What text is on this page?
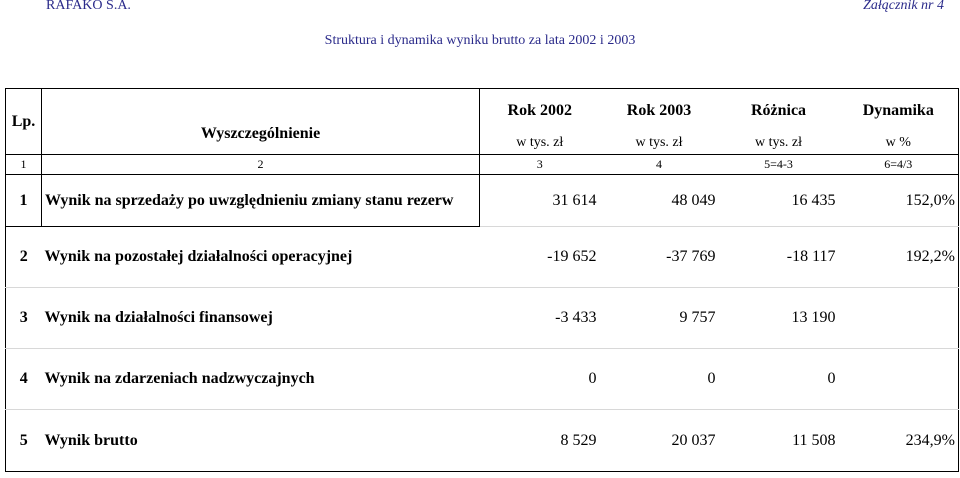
RAFAKO S.A.	Załącznik nr 4
Struktura i dynamika wyniku brutto za lata 2002 i 2003
Lp.	Wyszczególnienie	Rok 2002	Rok 2003	Różnica	Dynamika
		w tys. zł	w tys. zł	w tys. zł	w %
1	2	3	4	5=4-3	6=4/3
1	Wynik na sprzedaży po uwzględnieniu zmiany stanu rezerw	31 614	48 049	16 435	152,0%
2	Wynik na pozostałej działalności operacyjnej	-19 652	-37 769	-18 117	192,2%
3	Wynik na działalności finansowej	-3 433	9 757	13 190	
4	Wynik na zdarzeniach nadzwyczajnych	0	0	0	
5	Wynik brutto	8 529	20 037	11 508	234,9%
